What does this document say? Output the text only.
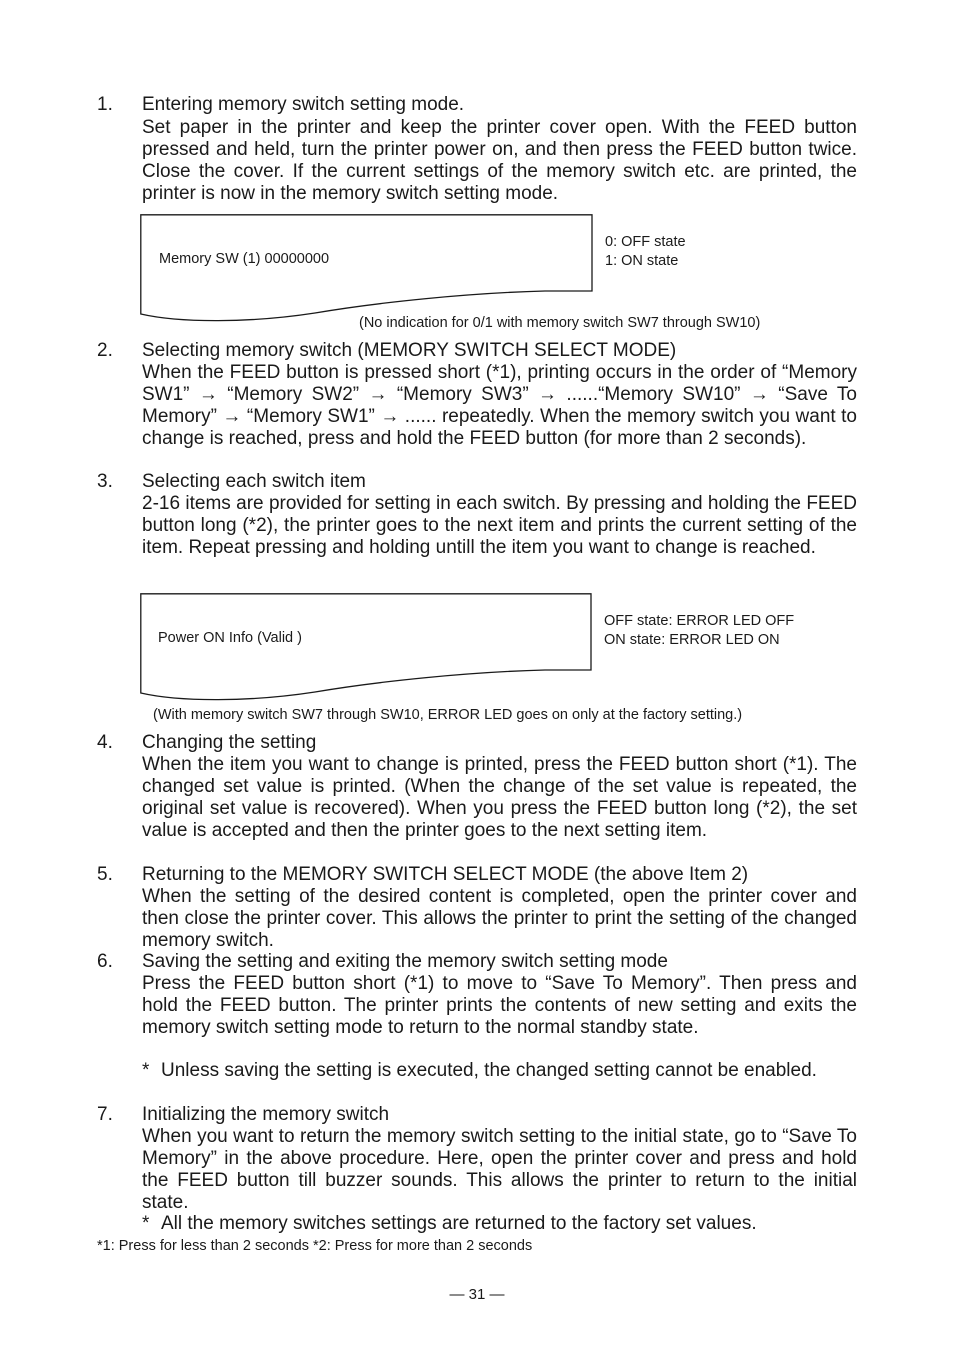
1. Entering memory switch setting mode.

Set paper in the printer and keep the printer cover open. With the FEED button pressed and held, turn the printer power on, and then press the FEED button twice. Close the cover. If the current settings of the memory switch etc. are printed, the printer is now in the memory switch setting mode.

Memory SW (1) 00000000
0: OFF state
1: ON state
(No indication for 0/1 with memory switch SW7 through SW10)
2. Selecting memory switch (MEMORY SWITCH SELECT MODE)

When the FEED button is pressed short (*1), printing occurs in the order of “Memory SW1” → “Memory SW2” → “Memory SW3” → ......“Memory SW10” → “Save To Memory” → “Memory SW1” → ...... repeatedly. When the memory switch you want to change is reached, press and hold the FEED button (for more than 2 seconds).

3. Selecting each switch item

2-16 items are provided for setting in each switch. By pressing and holding the FEED button long (*2), the printer goes to the next item and prints the current setting of the item. Repeat pressing and holding untill the item you want to change is reached.

Power ON Info (Valid )
OFF state: ERROR LED OFF
ON state: ERROR LED ON
(With memory switch SW7 through SW10, ERROR LED goes on only at the factory setting.)
4. Changing the setting

When the item you want to change is printed, press the FEED button short (*1). The changed set value is printed. (When the change of the set value is repeated, the original set value is recovered). When you press the FEED button long (*2), the set value is accepted and then the printer goes to the next setting item.

5. Returning to the MEMORY SWITCH SELECT MODE (the above Item 2)

When the setting of the desired content is completed, open the printer cover and then close the printer cover. This allows the printer to print the setting of the changed memory switch.

6. Saving the setting and exiting the memory switch setting mode

Press the FEED button short (*1) to move to “Save To Memory”. Then press and hold the FEED button. The printer prints the contents of new setting and exits the memory switch setting mode to return to the normal standby state.

* Unless saving the setting is executed, the changed setting cannot be enabled.
7. Initializing the memory switch

When you want to return the memory switch setting to the initial state, go to “Save To Memory” in the above procedure. Here, open the printer cover and press and hold the FEED button till buzzer sounds. This allows the printer to return to the initial state.

* All the memory switches settings are returned to the factory set values.
*1: Press for less than 2 seconds *2: Press for more than 2 seconds
— 31 —
